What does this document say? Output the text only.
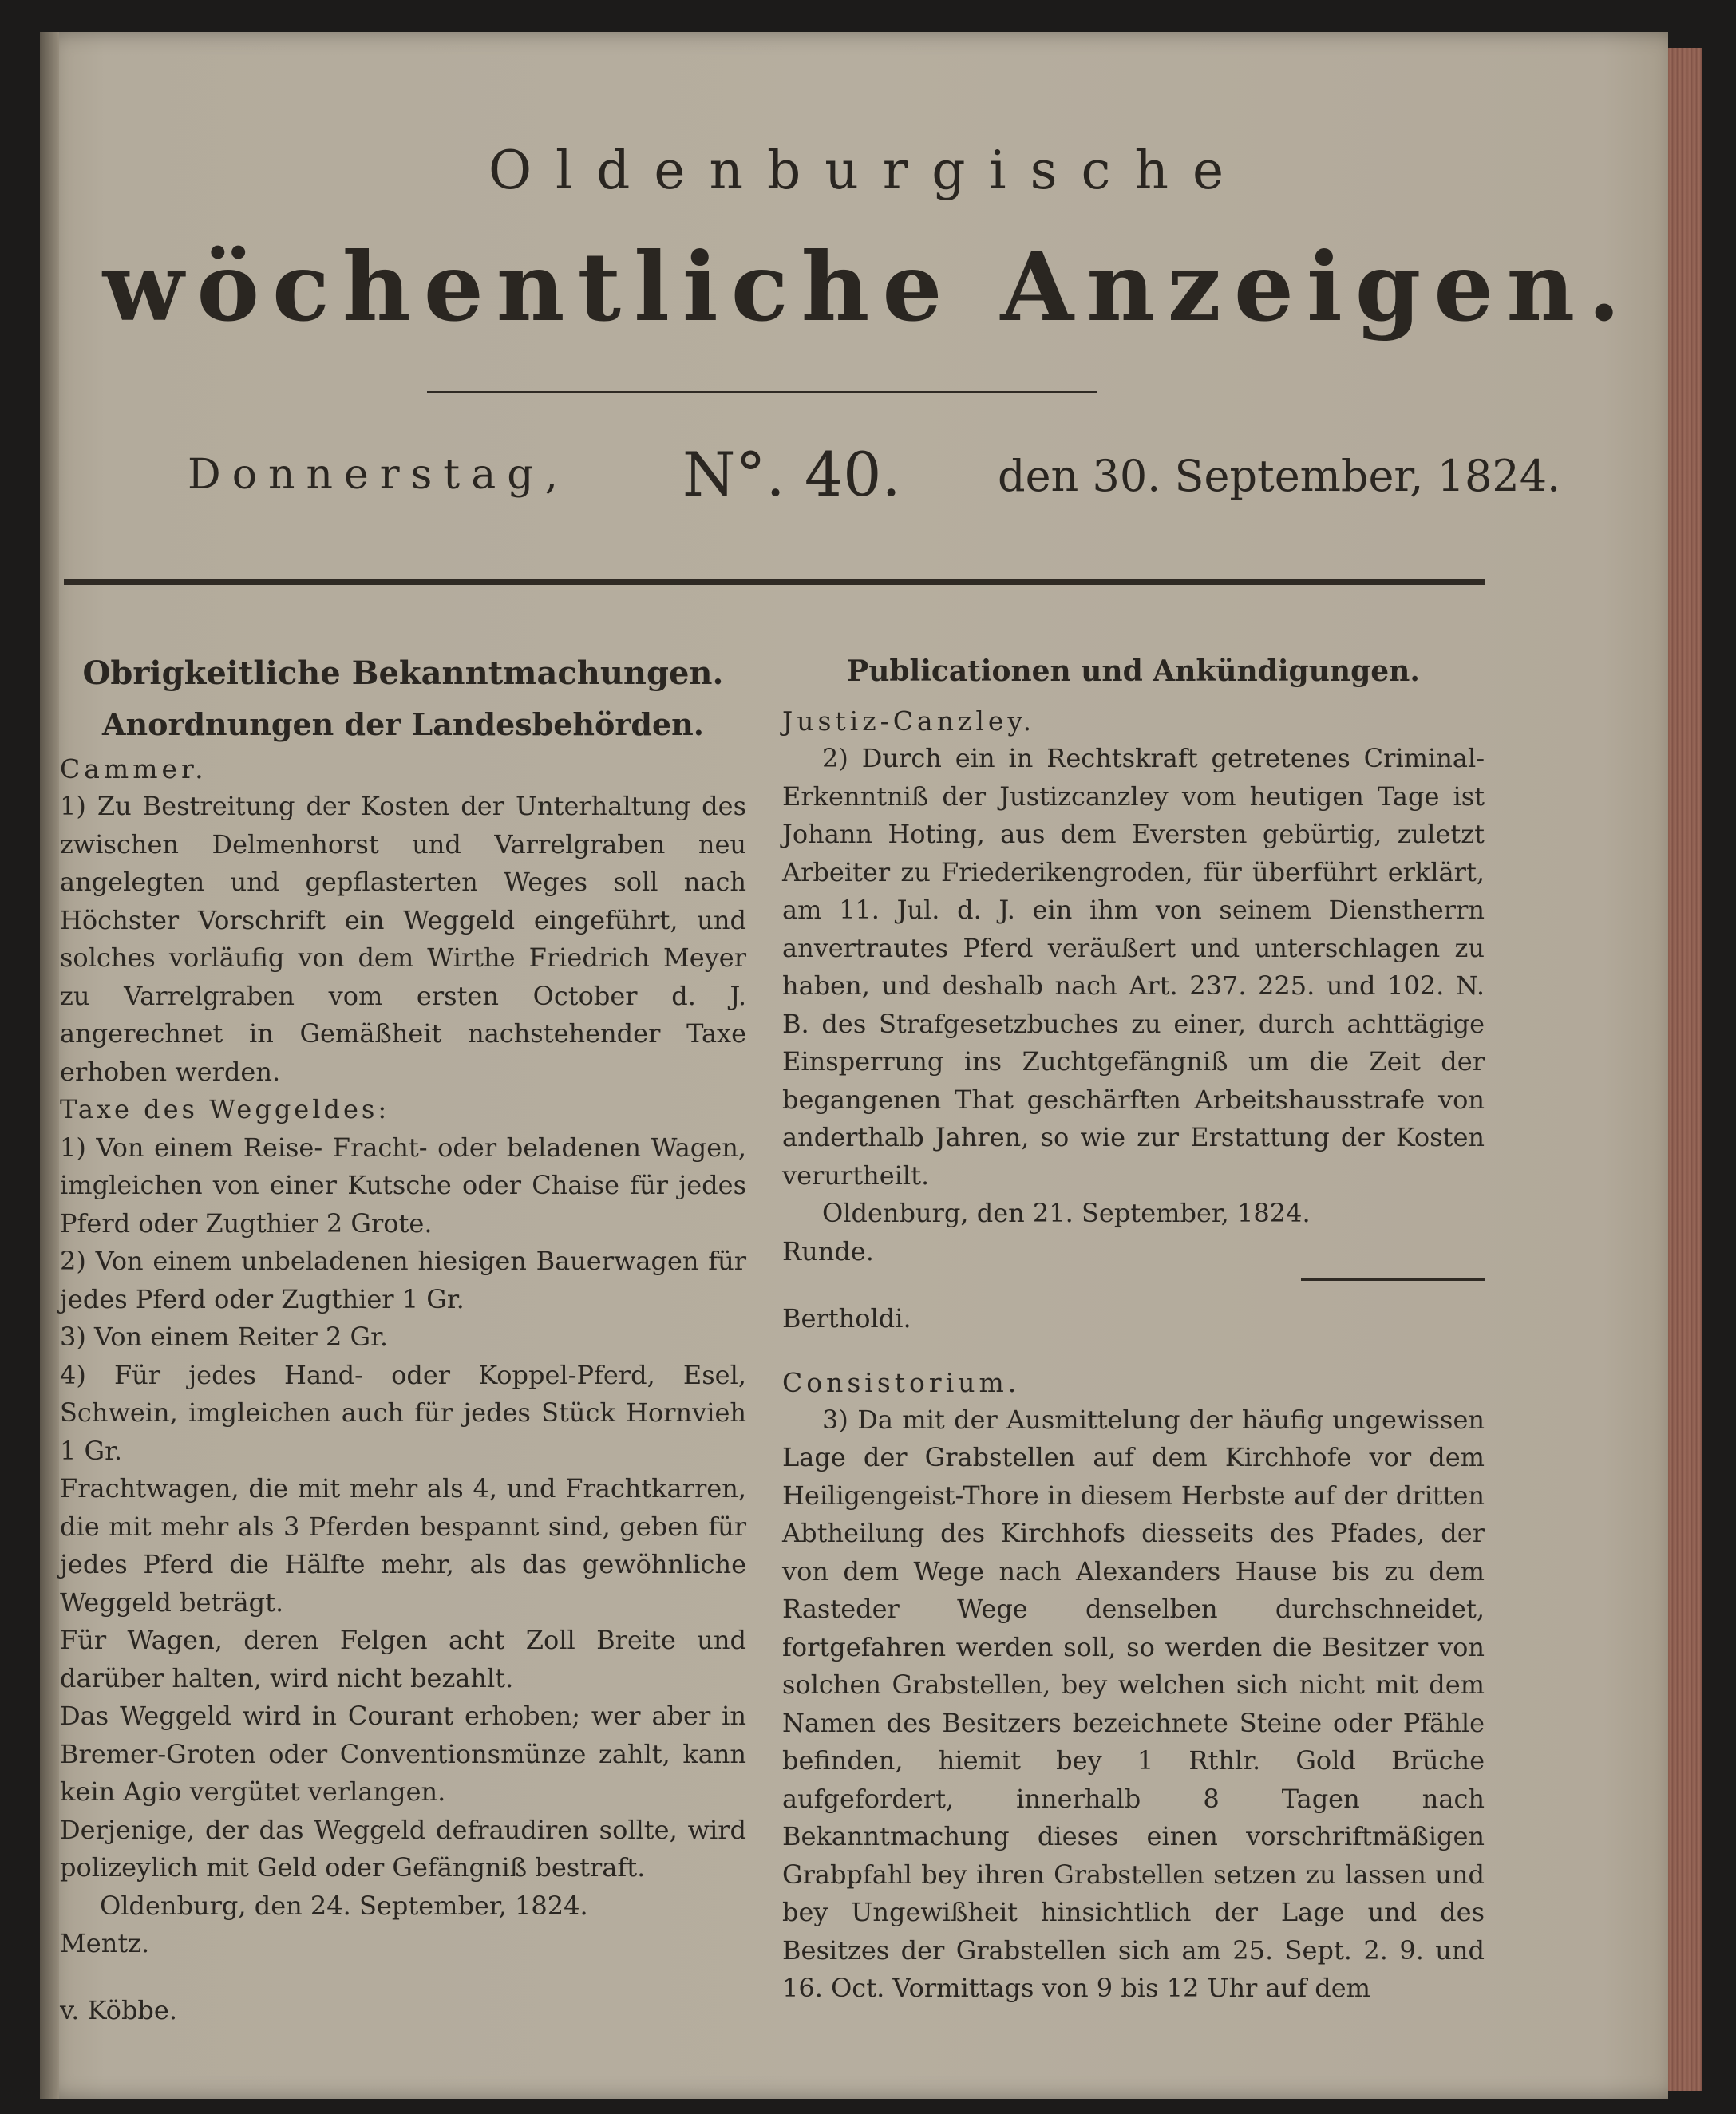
Oldenburgische
wöchentliche Anzeigen.
Donnerstag, N°. 40. den 30. September, 1824.
Obrigkeitliche Bekanntmachungen.
Anordnungen der Landesbehörden.
Cammer.
1) Zu Bestreitung der Kosten der Unterhaltung des zwischen Delmenhorst und Varrelgraben neu angelegten und gepflasterten Weges soll nach Höchster Vorschrift ein Weggeld eingeführt, und solches vorläufig von dem Wirthe Friedrich Meyer zu Varrelgraben vom ersten October d. J. angerechnet in Gemäßheit nachstehender Taxe erhoben werden.
Taxe des Weggeldes:
1) Von einem Reise- Fracht- oder beladenen Wagen, imgleichen von einer Kutsche oder Chaise für jedes Pferd oder Zugthier 2 Grote.
2) Von einem unbeladenen hiesigen Bauerwagen für jedes Pferd oder Zugthier 1 Gr.
3) Von einem Reiter 2 Gr.
4) Für jedes Hand- oder Koppel-Pferd, Esel, Schwein, imgleichen auch für jedes Stück Hornvieh 1 Gr.
Frachtwagen, die mit mehr als 4, und Frachtkarren, die mit mehr als 3 Pferden bespannt sind, geben für jedes Pferd die Hälfte mehr, als das gewöhnliche Weggeld beträgt.
Für Wagen, deren Felgen acht Zoll Breite und darüber halten, wird nicht bezahlt.
Das Weggeld wird in Courant erhoben; wer aber in Bremer-Groten oder Conventionsmünze zahlt, kann kein Agio vergütet verlangen.
Derjenige, der das Weggeld defraudiren sollte, wird polizeylich mit Geld oder Gefängniß bestraft.
Oldenburg, den 24. September, 1824.
Mentz.
v. Köbbe.
Publicationen und Ankündigungen.
Justiz-Canzley.
2) Durch ein in Rechtskraft getretenes Criminal-Erkenntniß der Justizcanzley vom heutigen Tage ist Johann Hoting, aus dem Eversten gebürtig, zuletzt Arbeiter zu Friederikengroden, für überführt erklärt, am 11. Jul. d. J. ein ihm von seinem Dienstherrn anvertrautes Pferd veräußert und unterschlagen zu haben, und deshalb nach Art. 237. 225. und 102. N. B. des Strafgesetzbuches zu einer, durch achttägige Einsperrung ins Zuchtgefängniß um die Zeit der begangenen That geschärften Arbeitshausstrafe von anderthalb Jahren, so wie zur Erstattung der Kosten verurtheilt.
Oldenburg, den 21. September, 1824.
Runde.
Bertholdi.
Consistorium.
3) Da mit der Ausmittelung der häufig ungewissen Lage der Grabstellen auf dem Kirchhofe vor dem Heiligengeist-Thore in diesem Herbste auf der dritten Abtheilung des Kirchhofs diesseits des Pfades, der von dem Wege nach Alexanders Hause bis zu dem Rasteder Wege denselben durchschneidet, fortgefahren werden soll, so werden die Besitzer von solchen Grabstellen, bey welchen sich nicht mit dem Namen des Besitzers bezeichnete Steine oder Pfähle befinden, hiemit bey 1 Rthlr. Gold Brüche aufgefordert, innerhalb 8 Tagen nach Bekanntmachung dieses einen vorschriftmäßigen Grabpfahl bey ihren Grabstellen setzen zu lassen und bey Ungewißheit hinsichtlich der Lage und des Besitzes der Grabstellen sich am 25. Sept. 2. 9. und 16. Oct. Vormittags von 9 bis 12 Uhr auf dem
